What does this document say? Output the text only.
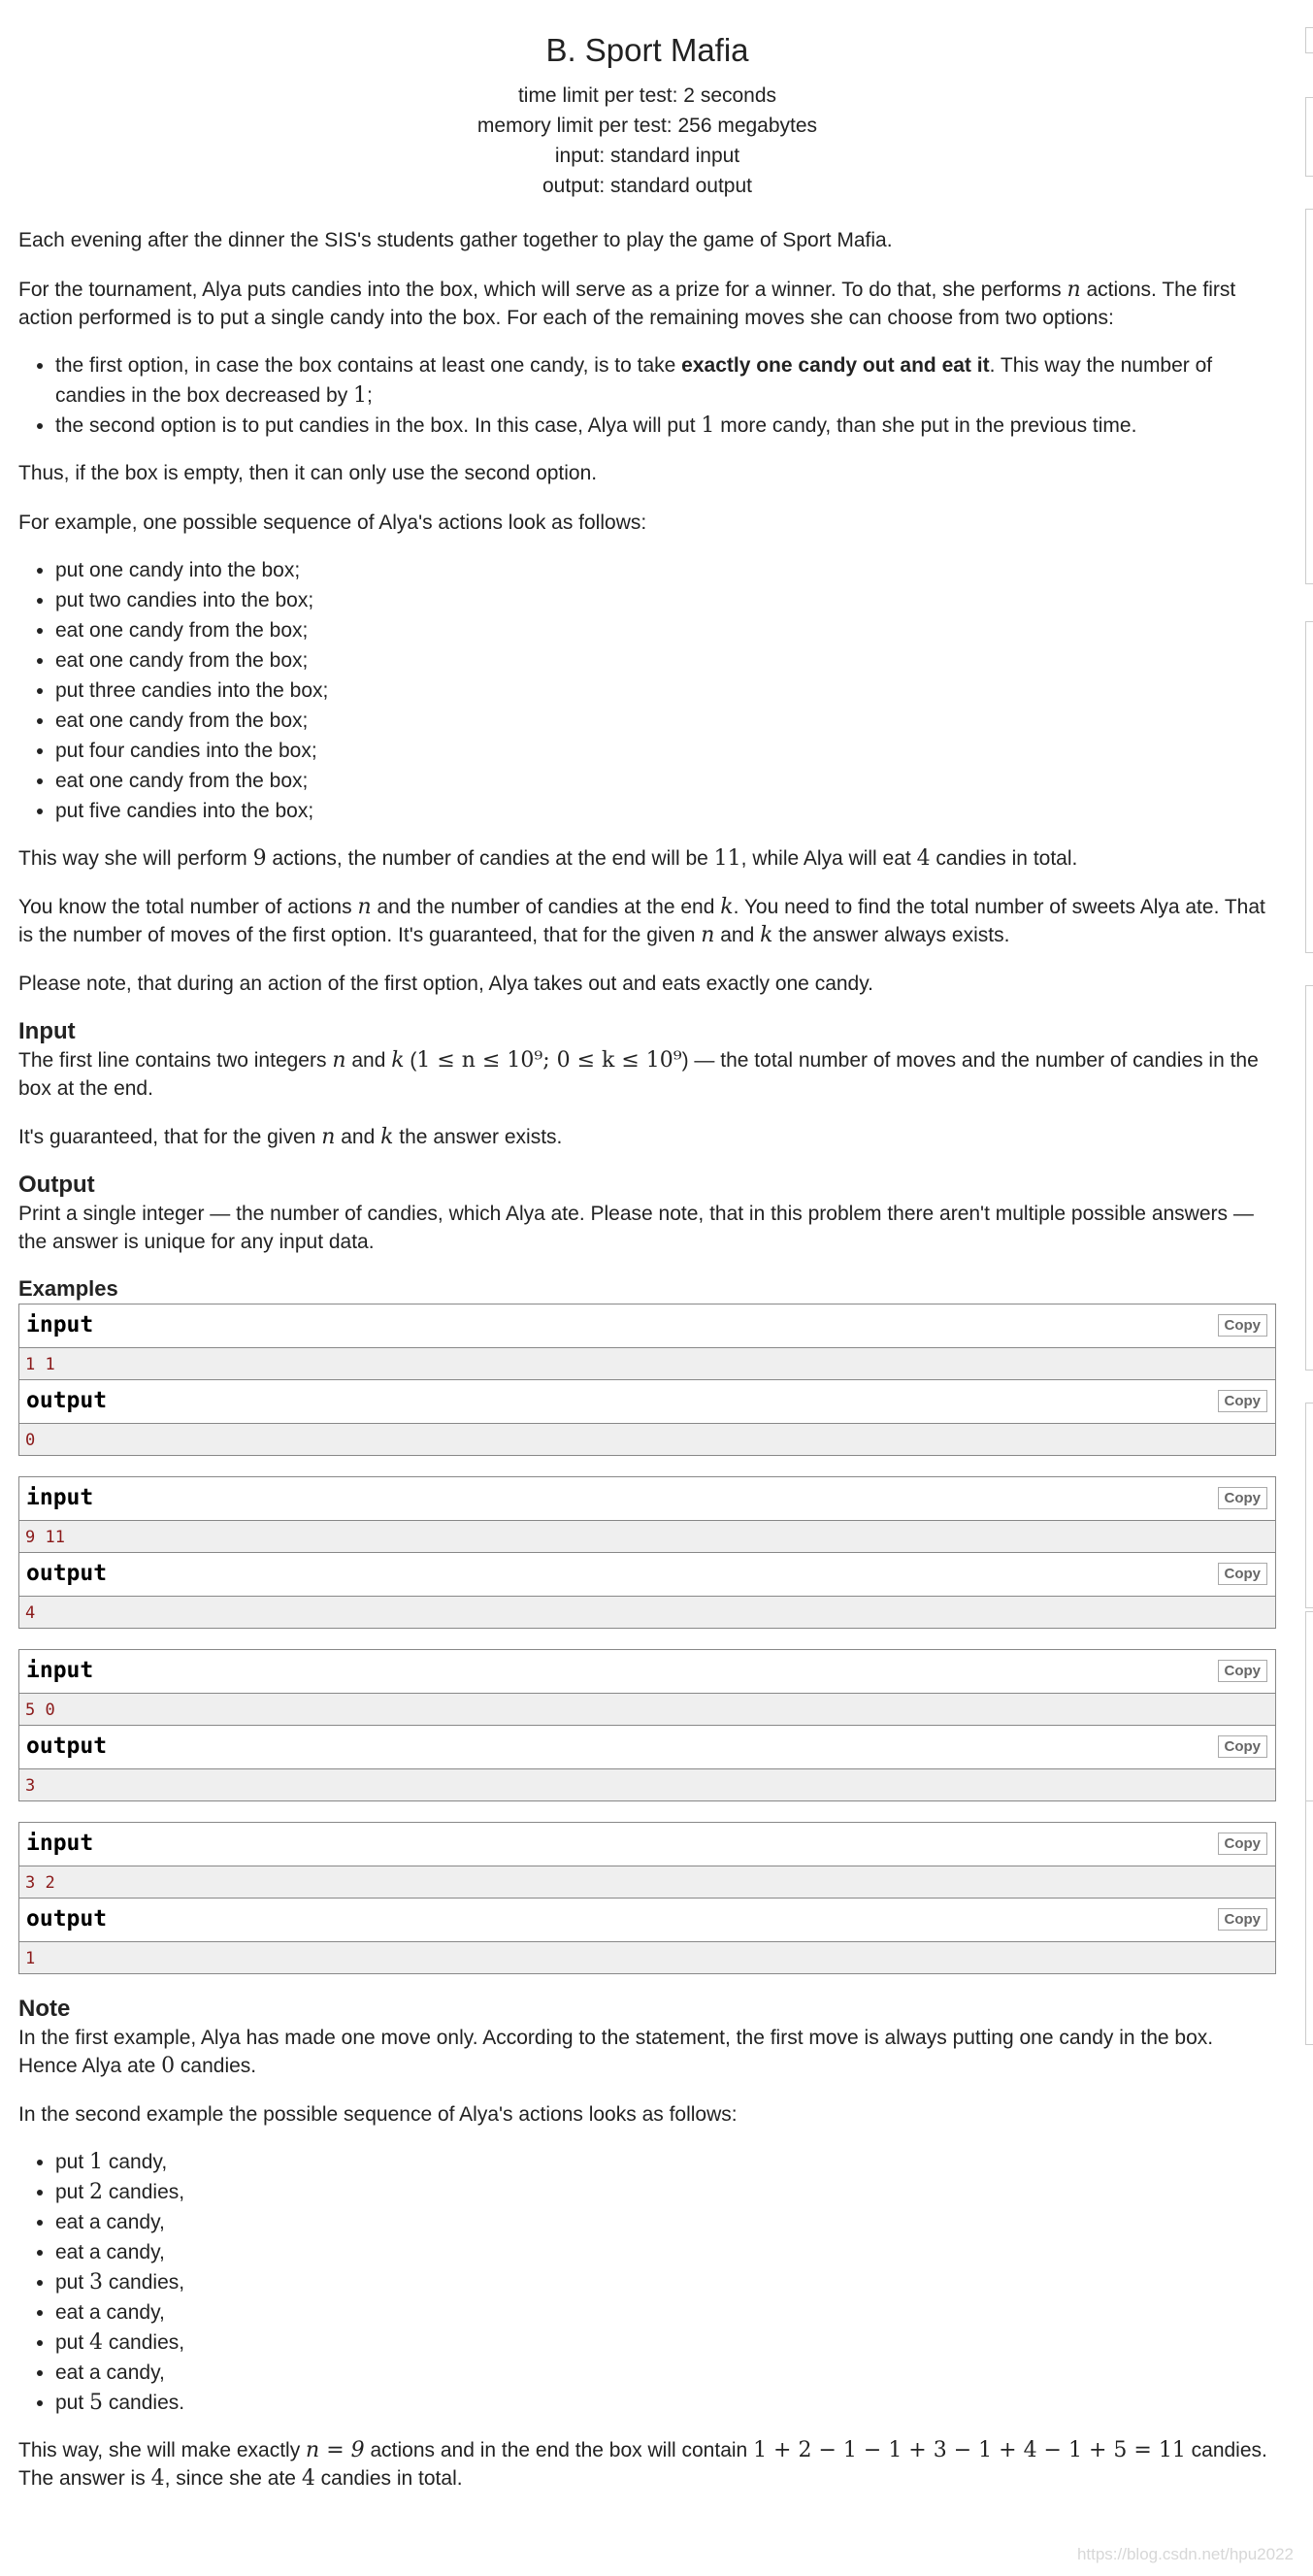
B. Sport Mafia
time limit per test: 2 seconds
memory limit per test: 256 megabytes
input: standard input
output: standard output

Each evening after the dinner the SIS's students gather together to play the game of Sport Mafia.

For the tournament, Alya puts candies into the box, which will serve as a prize for a winner. To do that, she performs n actions. The first action performed is to put a single candy into the box. For each of the remaining moves she can choose from two options:

• the first option, in case the box contains at least one candy, is to take exactly one candy out and eat it. This way the number of candies in the box decreased by 1;
• the second option is to put candies in the box. In this case, Alya will put 1 more candy, than she put in the previous time.

Thus, if the box is empty, then it can only use the second option.

For example, one possible sequence of Alya's actions look as follows:

• put one candy into the box;
• put two candies into the box;
• eat one candy from the box;
• eat one candy from the box;
• put three candies into the box;
• eat one candy from the box;
• put four candies into the box;
• eat one candy from the box;
• put five candies into the box;

This way she will perform 9 actions, the number of candies at the end will be 11, while Alya will eat 4 candies in total.

You know the total number of actions n and the number of candies at the end k. You need to find the total number of sweets Alya ate. That is the number of moves of the first option. It's guaranteed, that for the given n and k the answer always exists.

Please note, that during an action of the first option, Alya takes out and eats exactly one candy.

Input

The first line contains two integers n and k (1 ≤ n ≤ 10⁹; 0 ≤ k ≤ 10⁹) — the total number of moves and the number of candies in the box at the end.

It's guaranteed, that for the given n and k the answer exists.

Output

Print a single integer — the number of candies, which Alya ate. Please note, that in this problem there aren't multiple possible answers — the answer is unique for any input data.

Examples
input	Copy
1 1
output	Copy
0
input	Copy
9 11
output	Copy
4
input	Copy
5 0
output	Copy
3
input	Copy
3 2
output	Copy
1
Note

In the first example, Alya has made one move only. According to the statement, the first move is always putting one candy in the box. Hence Alya ate 0 candies.

In the second example the possible sequence of Alya's actions looks as follows:

• put 1 candy,
• put 2 candies,
• eat a candy,
• eat a candy,
• put 3 candies,
• eat a candy,
• put 4 candies,
• eat a candy,
• put 5 candies.

This way, she will make exactly n = 9 actions and in the end the box will contain 1 + 2 − 1 − 1 + 3 − 1 + 4 − 1 + 5 = 11 candies. The answer is 4, since she ate 4 candies in total.

https://blog.csdn.net/hpu2022
